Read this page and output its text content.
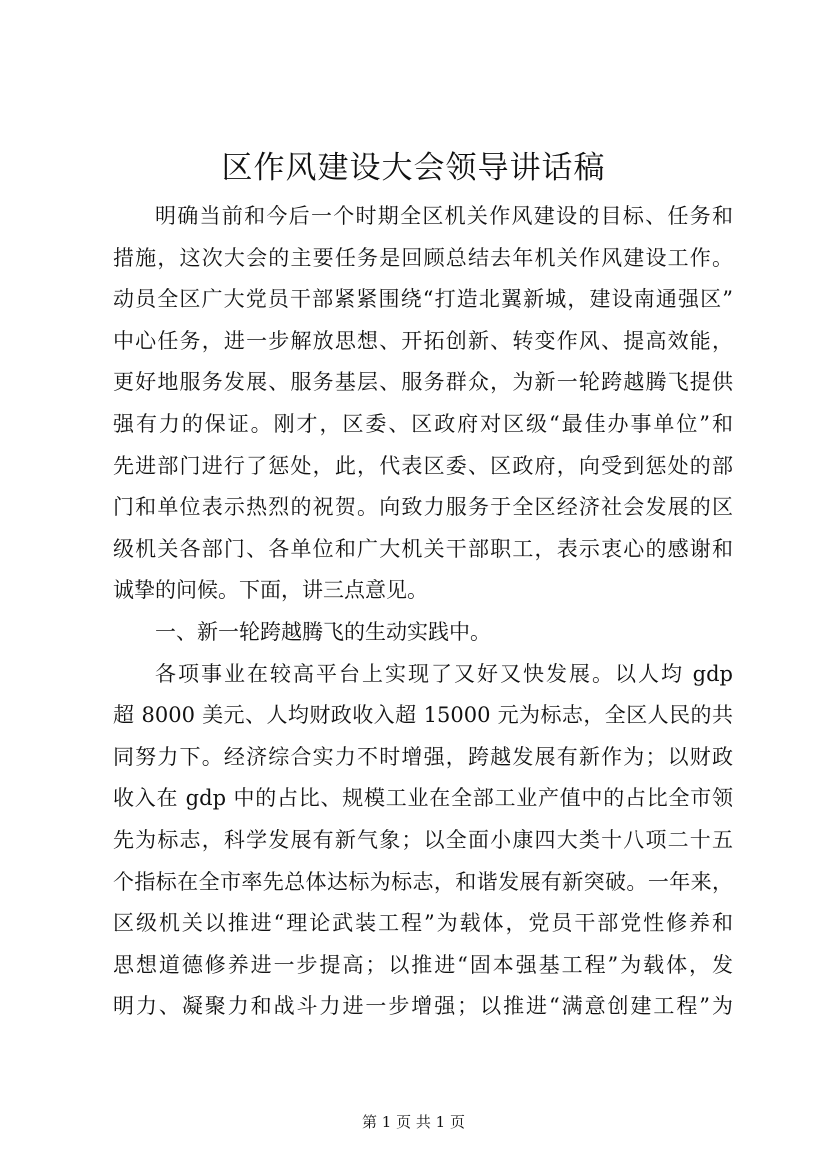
区作风建设大会领导讲话稿
明确当前和今后一个时期全区机关作风建设的目标、任务和
措施，这次大会的主要任务是回顾总结去年机关作风建设工作。
动员全区广大党员干部紧紧围绕“打造北翼新城，建设南通强区”
中心任务，进一步解放思想、开拓创新、转变作风、提高效能，
更好地服务发展、服务基层、服务群众，为新一轮跨越腾飞提供
强有力的保证。刚才，区委、区政府对区级“最佳办事单位”和
先进部门进行了惩处，此，代表区委、区政府，向受到惩处的部
门和单位表示热烈的祝贺。向致力服务于全区经济社会发展的区
级机关各部门、各单位和广大机关干部职工，表示衷心的感谢和
诚挚的问候。下面，讲三点意见。
一、新一轮跨越腾飞的生动实践中。
各项事业在较高平台上实现了又好又快发展。以人均 gdp
超 8000 美元、人均财政收入超 15000 元为标志，全区人民的共
同努力下。经济综合实力不时增强，跨越发展有新作为；以财政
收入在 gdp 中的占比、规模工业在全部工业产值中的占比全市领
先为标志，科学发展有新气象；以全面小康四大类十八项二十五
个指标在全市率先总体达标为标志，和谐发展有新突破。一年来，
区级机关以推进“理论武装工程”为载体，党员干部党性修养和
思想道德修养进一步提高；以推进“固本强基工程”为载体，发
明力、凝聚力和战斗力进一步增强；以推进“满意创建工程”为
第 1 页 共 1 页
